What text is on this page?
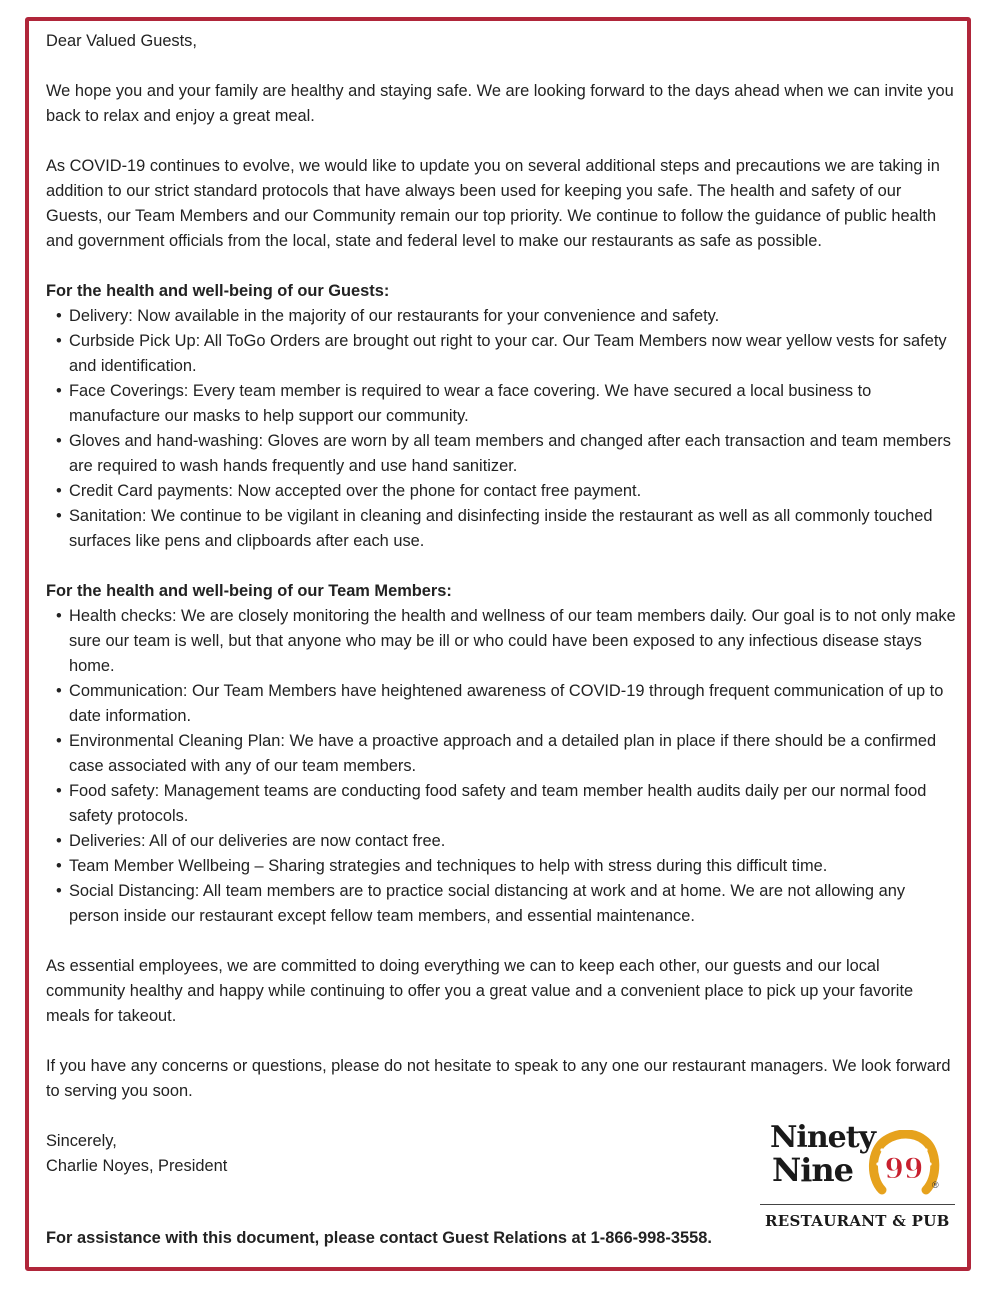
Dear Valued Guests,

We hope you and your family are healthy and staying safe. We are looking forward to the days ahead when we can invite you back to relax and enjoy a great meal.

As COVID-19 continues to evolve, we would like to update you on several additional steps and precautions we are taking in addition to our strict standard protocols that have always been used for keeping you safe. The health and safety of our Guests, our Team Members and our Community remain our top priority. We continue to follow the guidance of public health and government officials from the local, state and federal level to make our restaurants as safe as possible.

For the health and well-being of our Guests:

• Delivery: Now available in the majority of our restaurants for your convenience and safety.
• Curbside Pick Up: All ToGo Orders are brought out right to your car. Our Team Members now wear yellow vests for safety and identification.
• Face Coverings: Every team member is required to wear a face covering. We have secured a local business to manufacture our masks to help support our community.
• Gloves and hand-washing: Gloves are worn by all team members and changed after each transaction and team members are required to wash hands frequently and use hand sanitizer.
• Credit Card payments: Now accepted over the phone for contact free payment.
• Sanitation: We continue to be vigilant in cleaning and disinfecting inside the restaurant as well as all commonly touched surfaces like pens and clipboards after each use.

For the health and well-being of our Team Members:

• Health checks: We are closely monitoring the health and wellness of our team members daily. Our goal is to not only make sure our team is well, but that anyone who may be ill or who could have been exposed to any infectious disease stays home.
• Communication: Our Team Members have heightened awareness of COVID-19 through frequent communication of up to date information.
• Environmental Cleaning Plan: We have a proactive approach and a detailed plan in place if there should be a confirmed case associated with any of our team members.
• Food safety: Management teams are conducting food safety and team member health audits daily per our normal food safety protocols.
• Deliveries: All of our deliveries are now contact free.
• Team Member Wellbeing – Sharing strategies and techniques to help with stress during this difficult time.
• Social Distancing: All team members are to practice social distancing at work and at home. We are not allowing any person inside our restaurant except fellow team members, and essential maintenance.

As essential employees, we are committed to doing everything we can to keep each other, our guests and our local community healthy and happy while continuing to offer you a great value and a convenient place to pick up your favorite meals for takeout.

If you have any concerns or questions, please do not hesitate to speak to any one our restaurant managers. We look forward to serving you soon.

Sincerely,

Charlie Noyes, President

For assistance with this document, please contact Guest Relations at 1-866-998-3558.
Ninety
Nine 99 ®
RESTAURANT & PUB
